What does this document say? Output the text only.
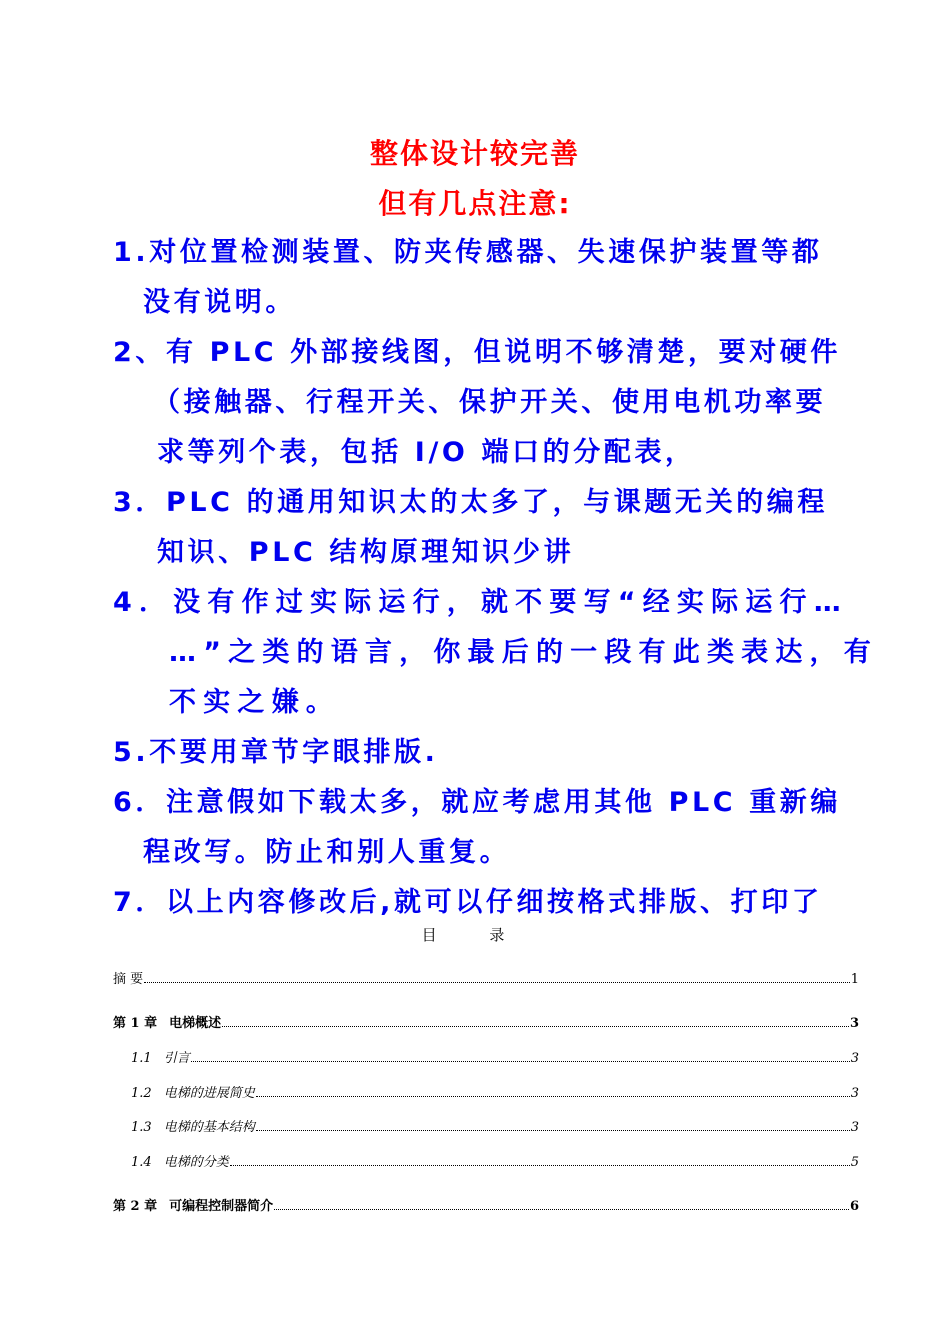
整体设计较完善
但有几点注意:
1.对位置检测装置、防夹传感器、失速保护装置等都
没有说明。
2、有 PLC 外部接线图，但说明不够清楚，要对硬件
（接触器、行程开关、保护开关、使用电机功率要
求等列个表，包括 I/O 端口的分配表，
3．PLC 的通用知识太的太多了，与课题无关的编程
知识、PLC 结构原理知识少讲
4．没有作过实际运行，就不要写“经实际运行…
…”之类的语言，你最后的一段有此类表达，有
不实之嫌。
5.不要用章节字眼排版.
6．注意假如下载太多，就应考虑用其他 PLC 重新编
程改写。防止和别人重复。
7．以上内容修改后,就可以仔细按格式排版、打印了

目 录

摘 要	1
第 1 章 电梯概述	3
1.1 引言	3
1.2 电梯的进展简史	3
1.3 电梯的基本结构	3
1.4 电梯的分类	5
第 2 章 可编程控制器简介	6
